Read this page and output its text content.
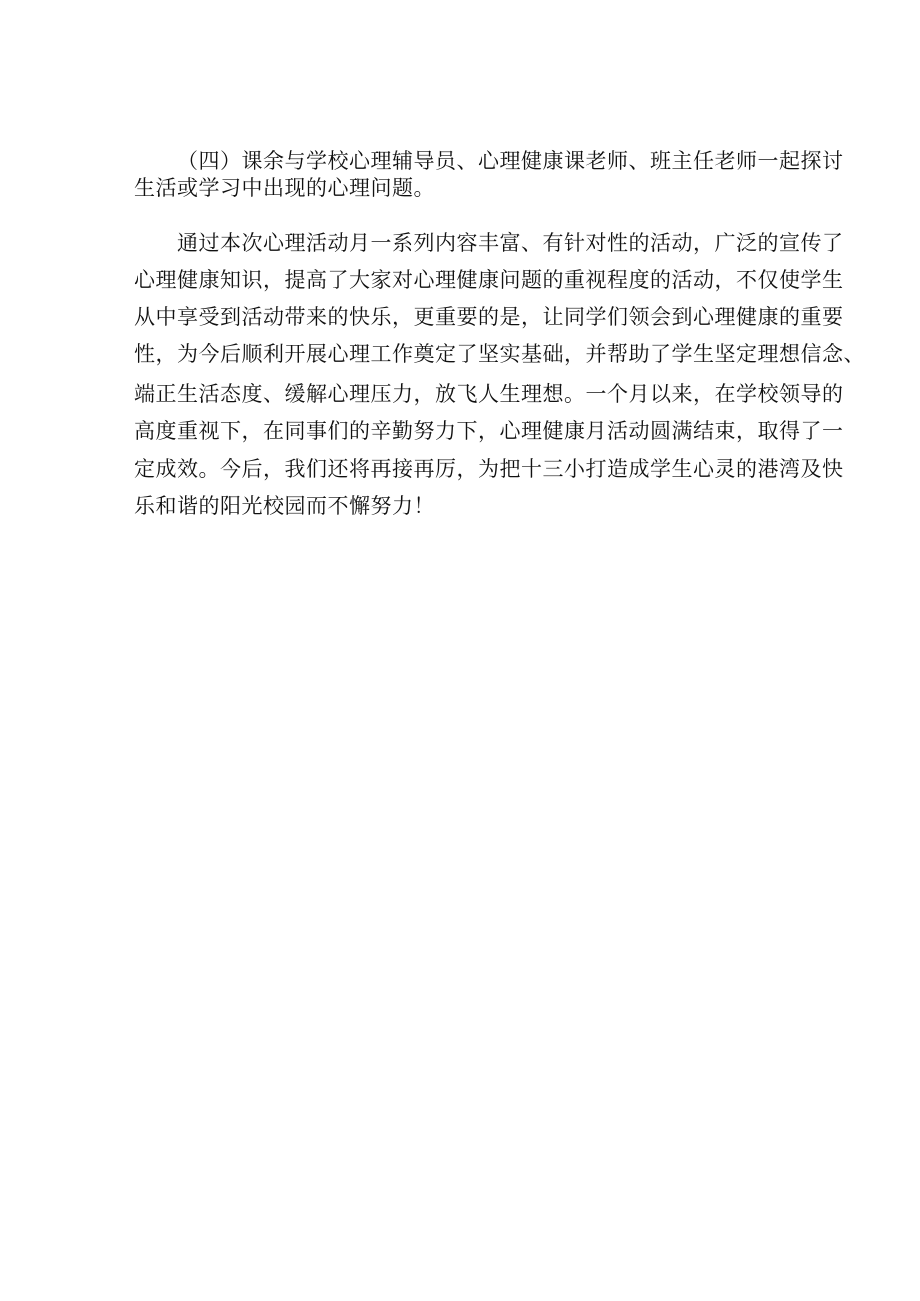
（四）课余与学校心理辅导员、心理健康课老师、班主任老师一起探讨
生活或学习中出现的心理问题。
通过本次心理活动月一系列内容丰富、有针对性的活动，广泛的宣传了
心理健康知识，提高了大家对心理健康问题的重视程度的活动，不仅使学生
从中享受到活动带来的快乐，更重要的是，让同学们领会到心理健康的重要
性，为今后顺利开展心理工作奠定了坚实基础，并帮助了学生坚定理想信念、
端正生活态度、缓解心理压力，放飞人生理想。一个月以来，在学校领导的
高度重视下，在同事们的辛勤努力下，心理健康月活动圆满结束，取得了一
定成效。今后，我们还将再接再厉，为把十三小打造成学生心灵的港湾及快
乐和谐的阳光校园而不懈努力！
